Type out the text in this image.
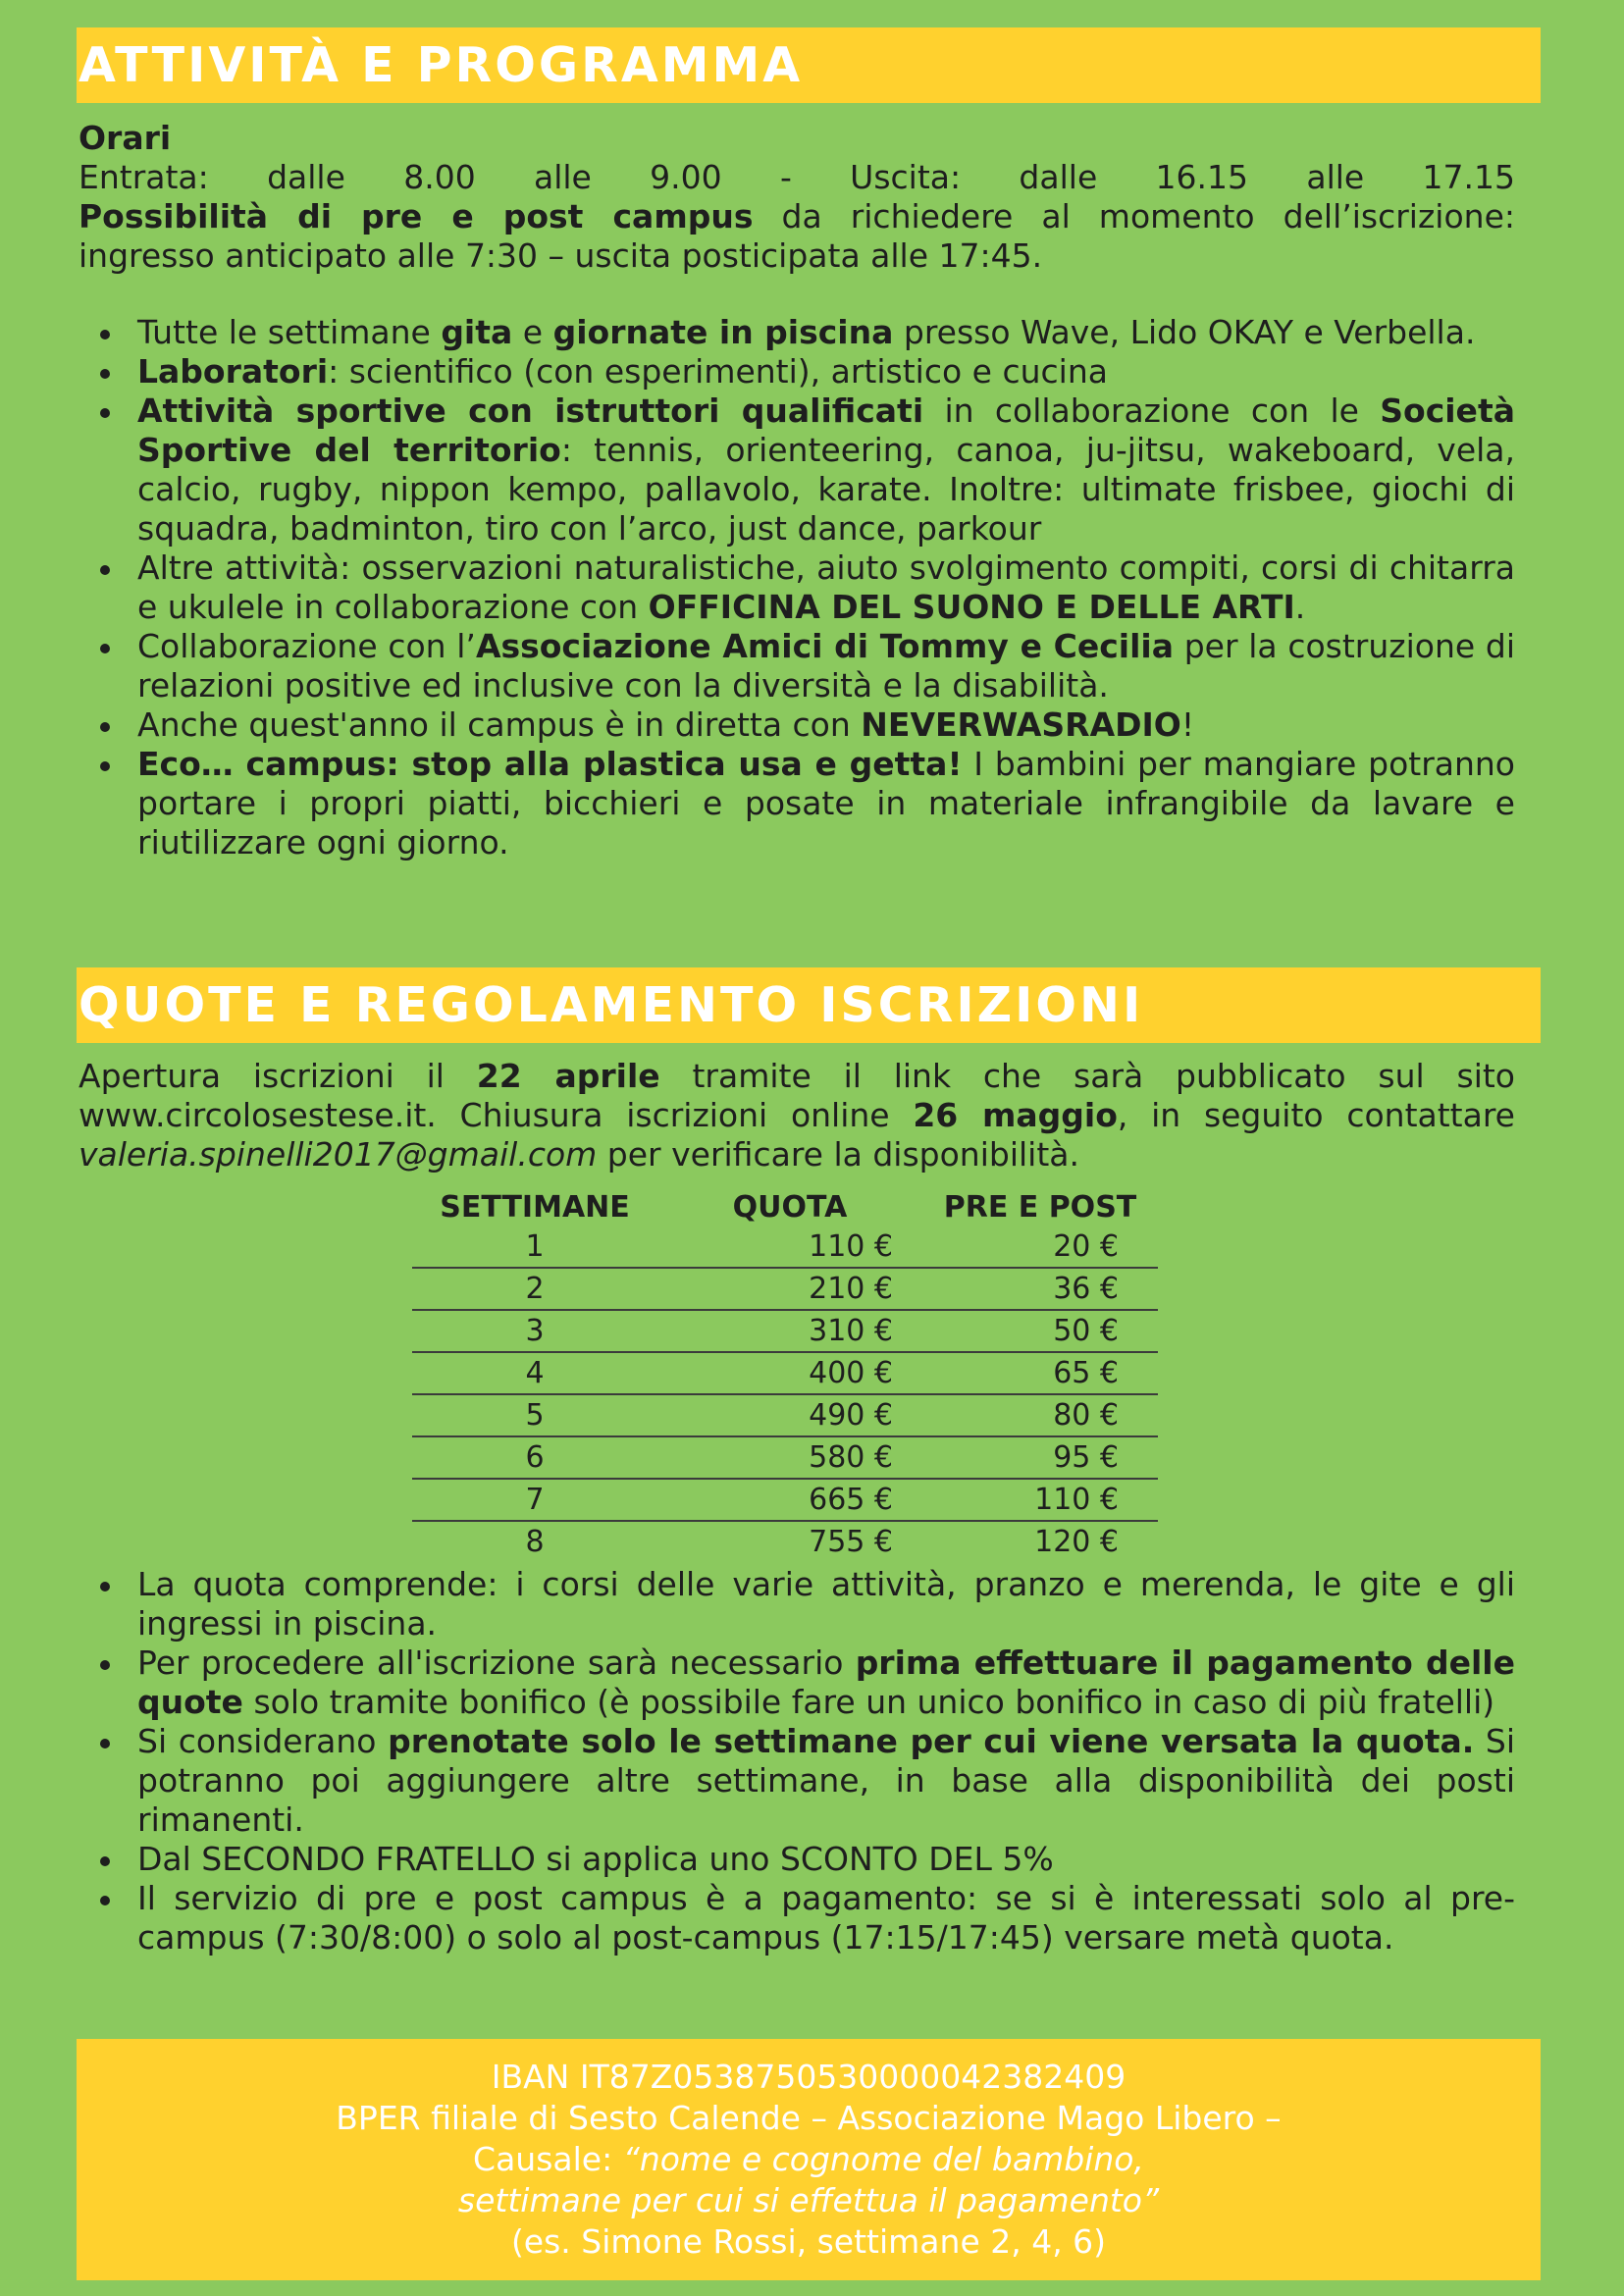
ATTIVITÀ E PROGRAMMA

Orari

Entrata: dalle 8.00 alle 9.00 - Uscita: dalle 16.15 alle 17.15

Possibilità di pre e post campus da richiedere al momento dell’iscrizione:

ingresso anticipato alle 7:30 – uscita posticipata alle 17:45.

Tutte le settimane gita e giornate in piscina presso Wave, Lido OKAY e Verbella.
Laboratori: scientifico (con esperimenti), artistico e cucina
Attività sportive con istruttori qualificati in collaborazione con le Società Sportive del territorio: tennis, orienteering, canoa, ju-jitsu, wakeboard, vela, calcio, rugby, nippon kempo, pallavolo, karate. Inoltre: ultimate frisbee, giochi di squadra, badminton, tiro con l’arco, just dance, parkour
Altre attività: osservazioni naturalistiche, aiuto svolgimento compiti, corsi di chitarra e ukulele in collaborazione con OFFICINA DEL SUONO E DELLE ARTI.
Collaborazione con l’Associazione Amici di Tommy e Cecilia per la costruzione di relazioni positive ed inclusive con la diversità e la disabilità.
Anche quest'anno il campus è in diretta con NEVERWASRADIO!
Eco… campus: stop alla plastica usa e getta! I bambini per mangiare potranno portare i propri piatti, bicchieri e posate in materiale infrangibile da lavare e riutilizzare ogni giorno.
QUOTE E REGOLAMENTO ISCRIZIONI
Apertura iscrizioni il 22 aprile tramite il link che sarà pubblicato sul sito www.circolosestese.it. Chiusura iscrizioni online 26 maggio, in seguito contattare valeria.spinelli2017@gmail.com per verificare la disponibilità.
SETTIMANE	QUOTA	PRE E POST
1	110 €	20 €
2	210 €	36 €
3	310 €	50 €
4	400 €	65 €
5	490 €	80 €
6	580 €	95 €
7	665 €	110 €
8	755 €	120 €
La quota comprende: i corsi delle varie attività, pranzo e merenda, le gite e gli ingressi in piscina.
Per procedere all'iscrizione sarà necessario prima effettuare il pagamento delle quote solo tramite bonifico (è possibile fare un unico bonifico in caso di più fratelli)
Si considerano prenotate solo le settimane per cui viene versata la quota. Si potranno poi aggiungere altre settimane, in base alla disponibilità dei posti rimanenti.
Dal SECONDO FRATELLO si applica uno SCONTO DEL 5%
Il servizio di pre e post campus è a pagamento: se si è interessati solo al pre-campus (7:30/8:00) o solo al post-campus (17:15/17:45) versare metà quota.
IBAN IT87Z0538750530000042382409
BPER filiale di Sesto Calende – Associazione Mago Libero –
Causale: “nome e cognome del bambino,
settimane per cui si effettua il pagamento”
(es. Simone Rossi, settimane 2, 4, 6)
